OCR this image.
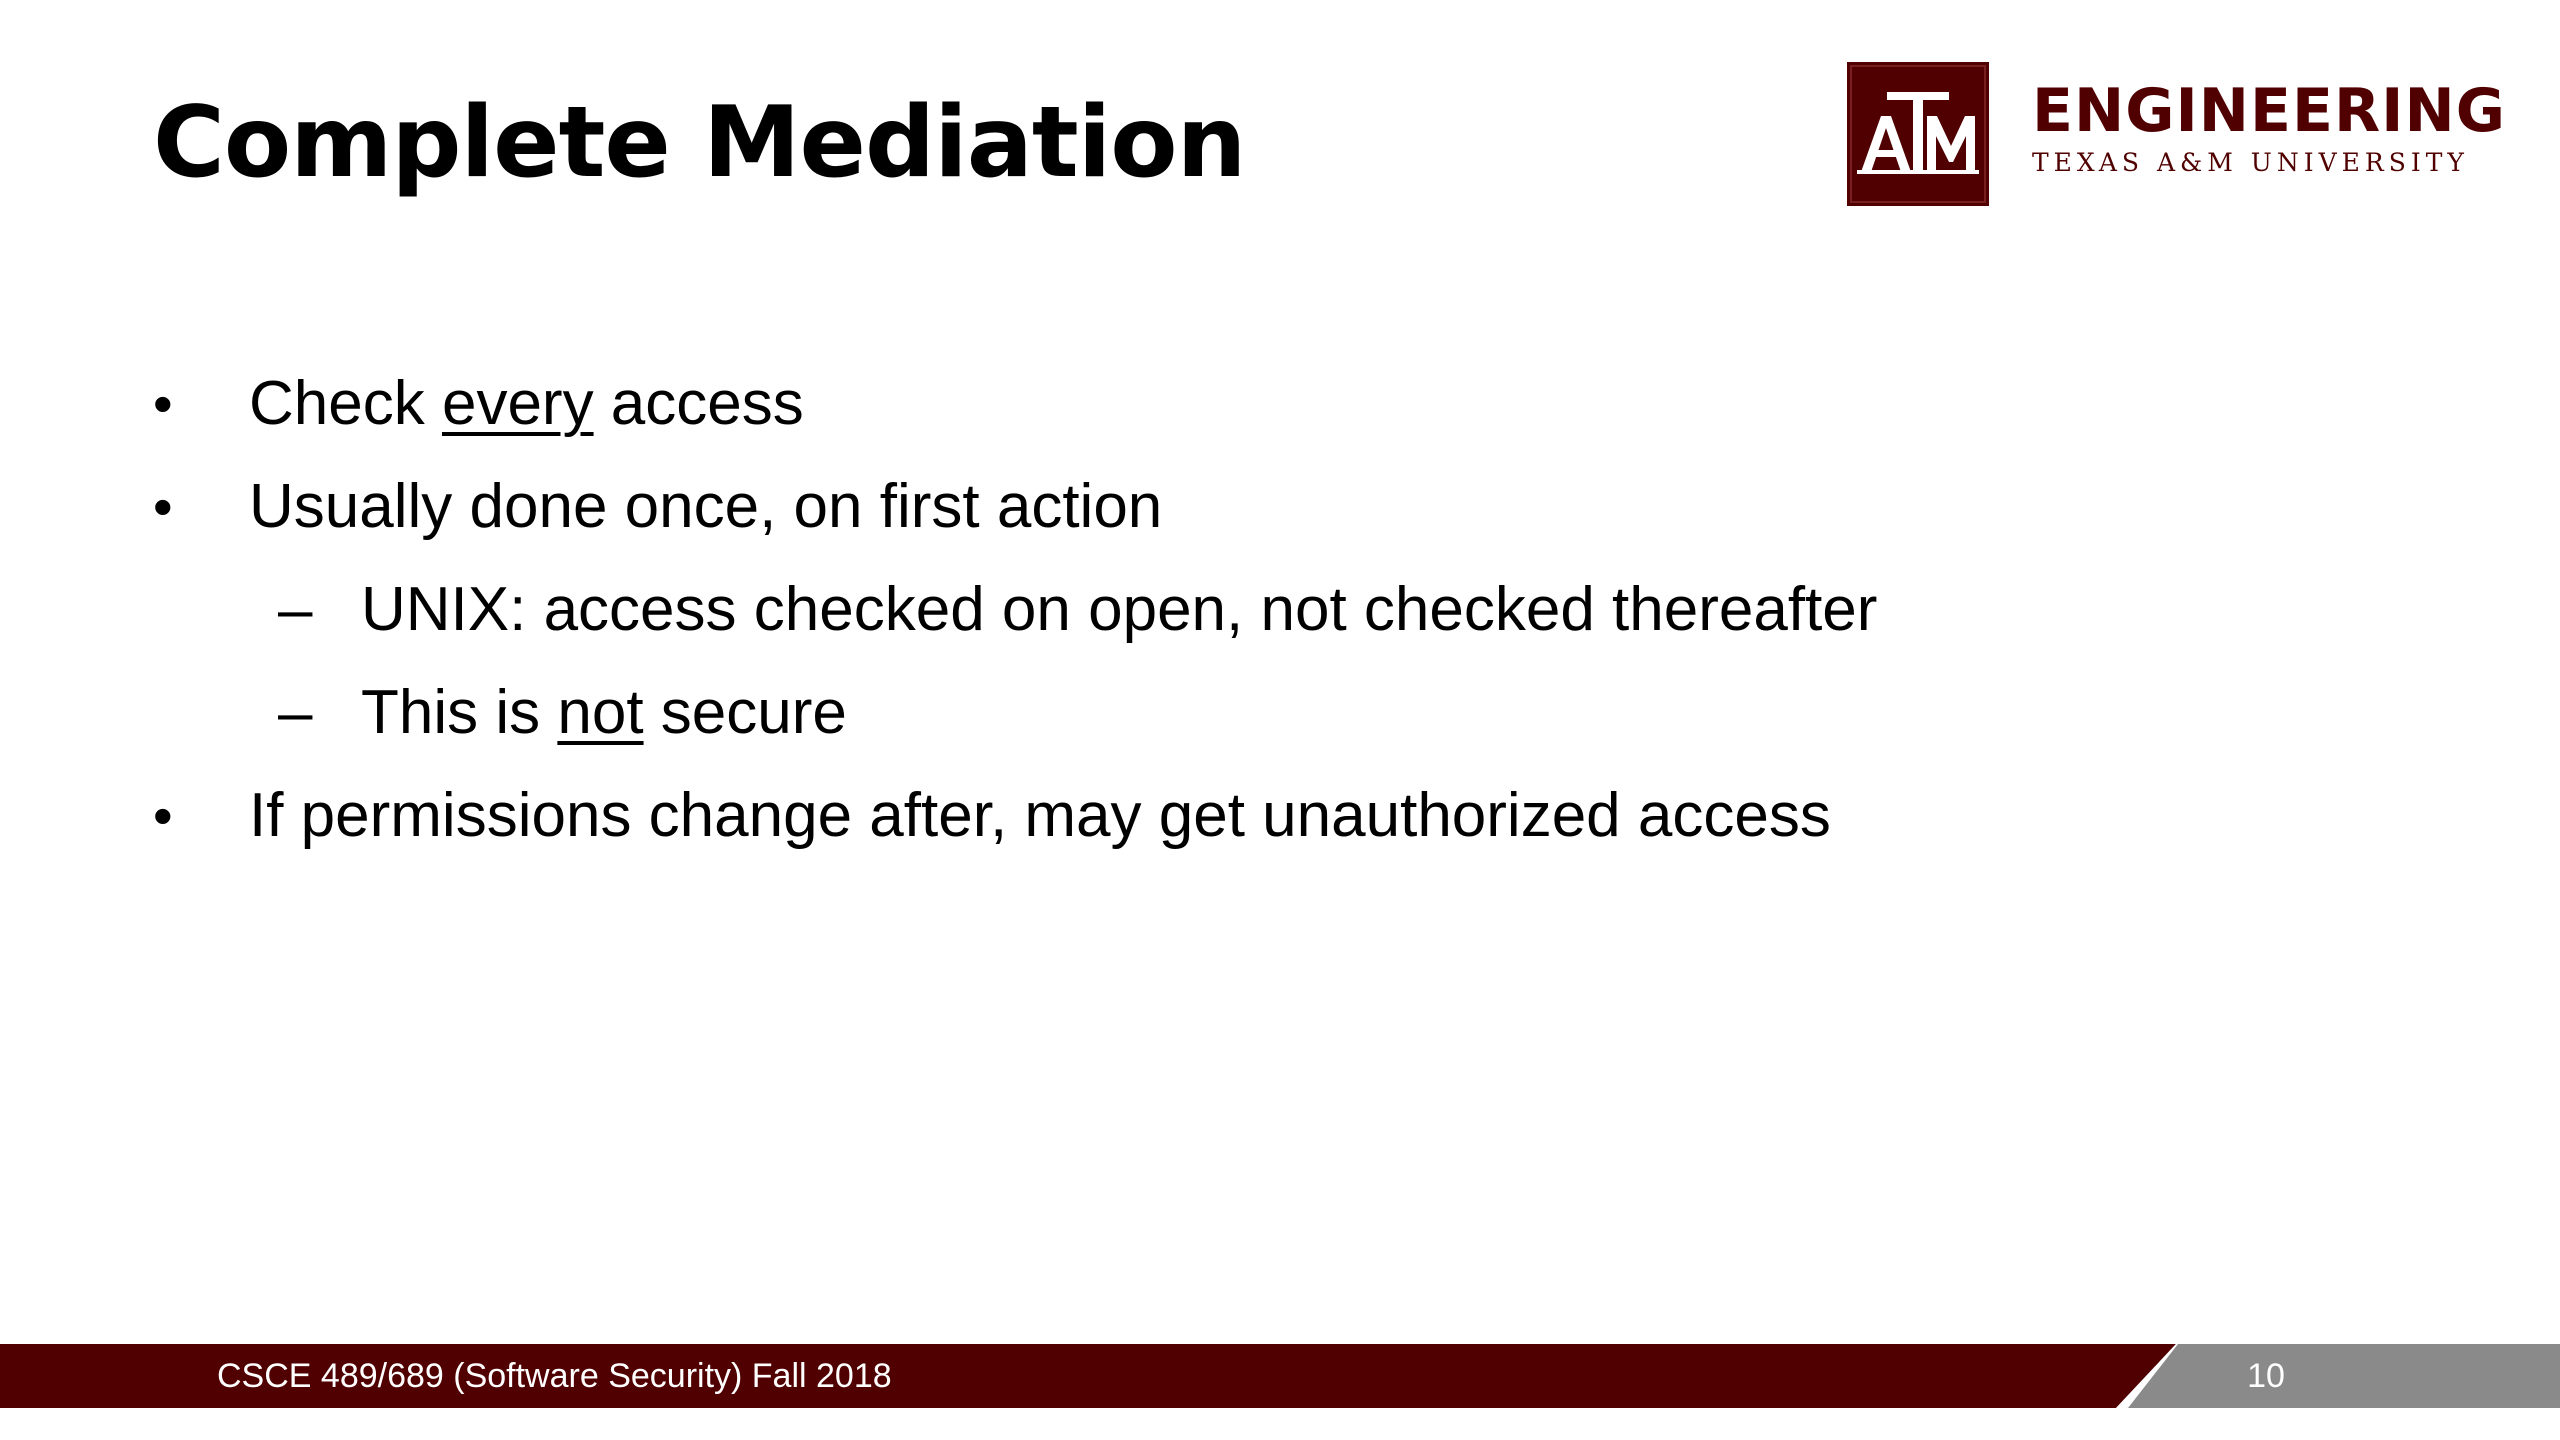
Complete Mediation	ENGINEERING
TEXAS A&M UNIVERSITY
• Check every access
• Usually done once, on first action
– UNIX: access checked on open, not checked thereafter
– This is not secure
• If permissions change after, may get unauthorized access
CSCE 489/689 (Software Security) Fall 2018	10
